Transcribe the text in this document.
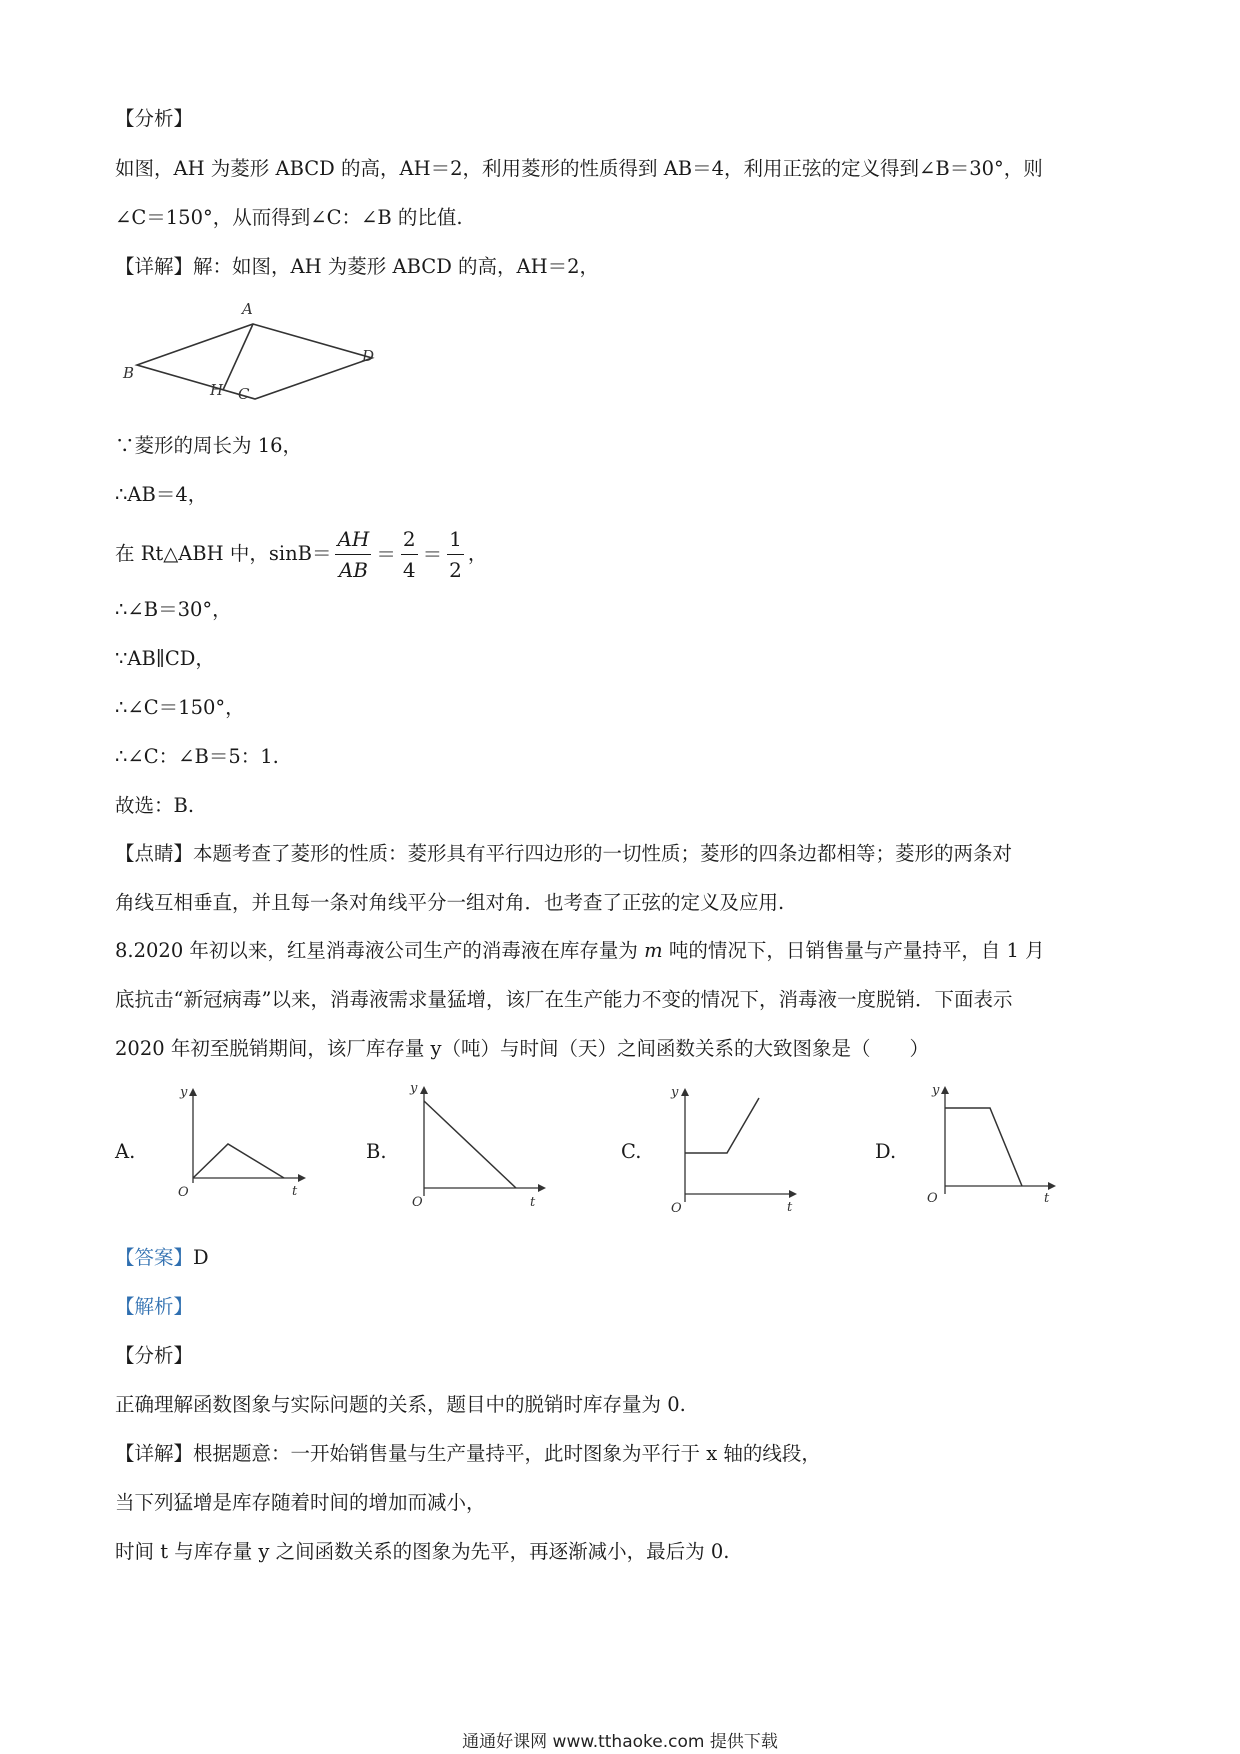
【分析】
如图，AH 为菱形 ABCD 的高，AH＝2，利用菱形的性质得到 AB＝4，利用正弦的定义得到∠B＝30°，则
∠C＝150°，从而得到∠C：∠B 的比值.
【详解】解：如图，AH 为菱形 ABCD 的高，AH＝2，
A
B
H C
D
∵菱形的周长为 16，
∴AB＝4，
在 Rt△ABH 中，$\sin B= \frac{AH}{AB} = \frac{2}{4} = \frac{1}{2}$ ，
∴∠B＝30°，
∵AB∥CD，
∴∠C＝150°，
∴∠C：∠B＝5：1.
故选：B.
【点睛】本题考查了菱形的性质：菱形具有平行四边形的一切性质；菱形的四条边都相等；菱形的两条对
角线互相垂直，并且每一条对角线平分一组对角．也考查了正弦的定义及应用.
8.2020 年初以来，红星消毒液公司生产的消毒液在库存量为 m 吨的情况下，日销售量与产量持平，自 1 月
底抗击“新冠病毒”以来，消毒液需求量猛增，该厂在生产能力不变的情况下，消毒液一度脱销．下面表示
2020 年初至脱销期间，该厂库存量 y（吨）与时间（天）之间函数关系的大致图象是（　　）
A.
y
O	t
B.
y
O	t
C.
y
O	t
D.
y
O	t
【答案】D
【解析】
【分析】
正确理解函数图象与实际问题的关系，题目中的脱销时库存量为 0.
【详解】根据题意：一开始销售量与生产量持平，此时图象为平行于 x 轴的线段，
当下列猛增是库存随着时间的增加而减小，
时间 t 与库存量 y 之间函数关系的图象为先平，再逐渐减小，最后为 0.
通通好课网 www.tthaoke.com 提供下载
